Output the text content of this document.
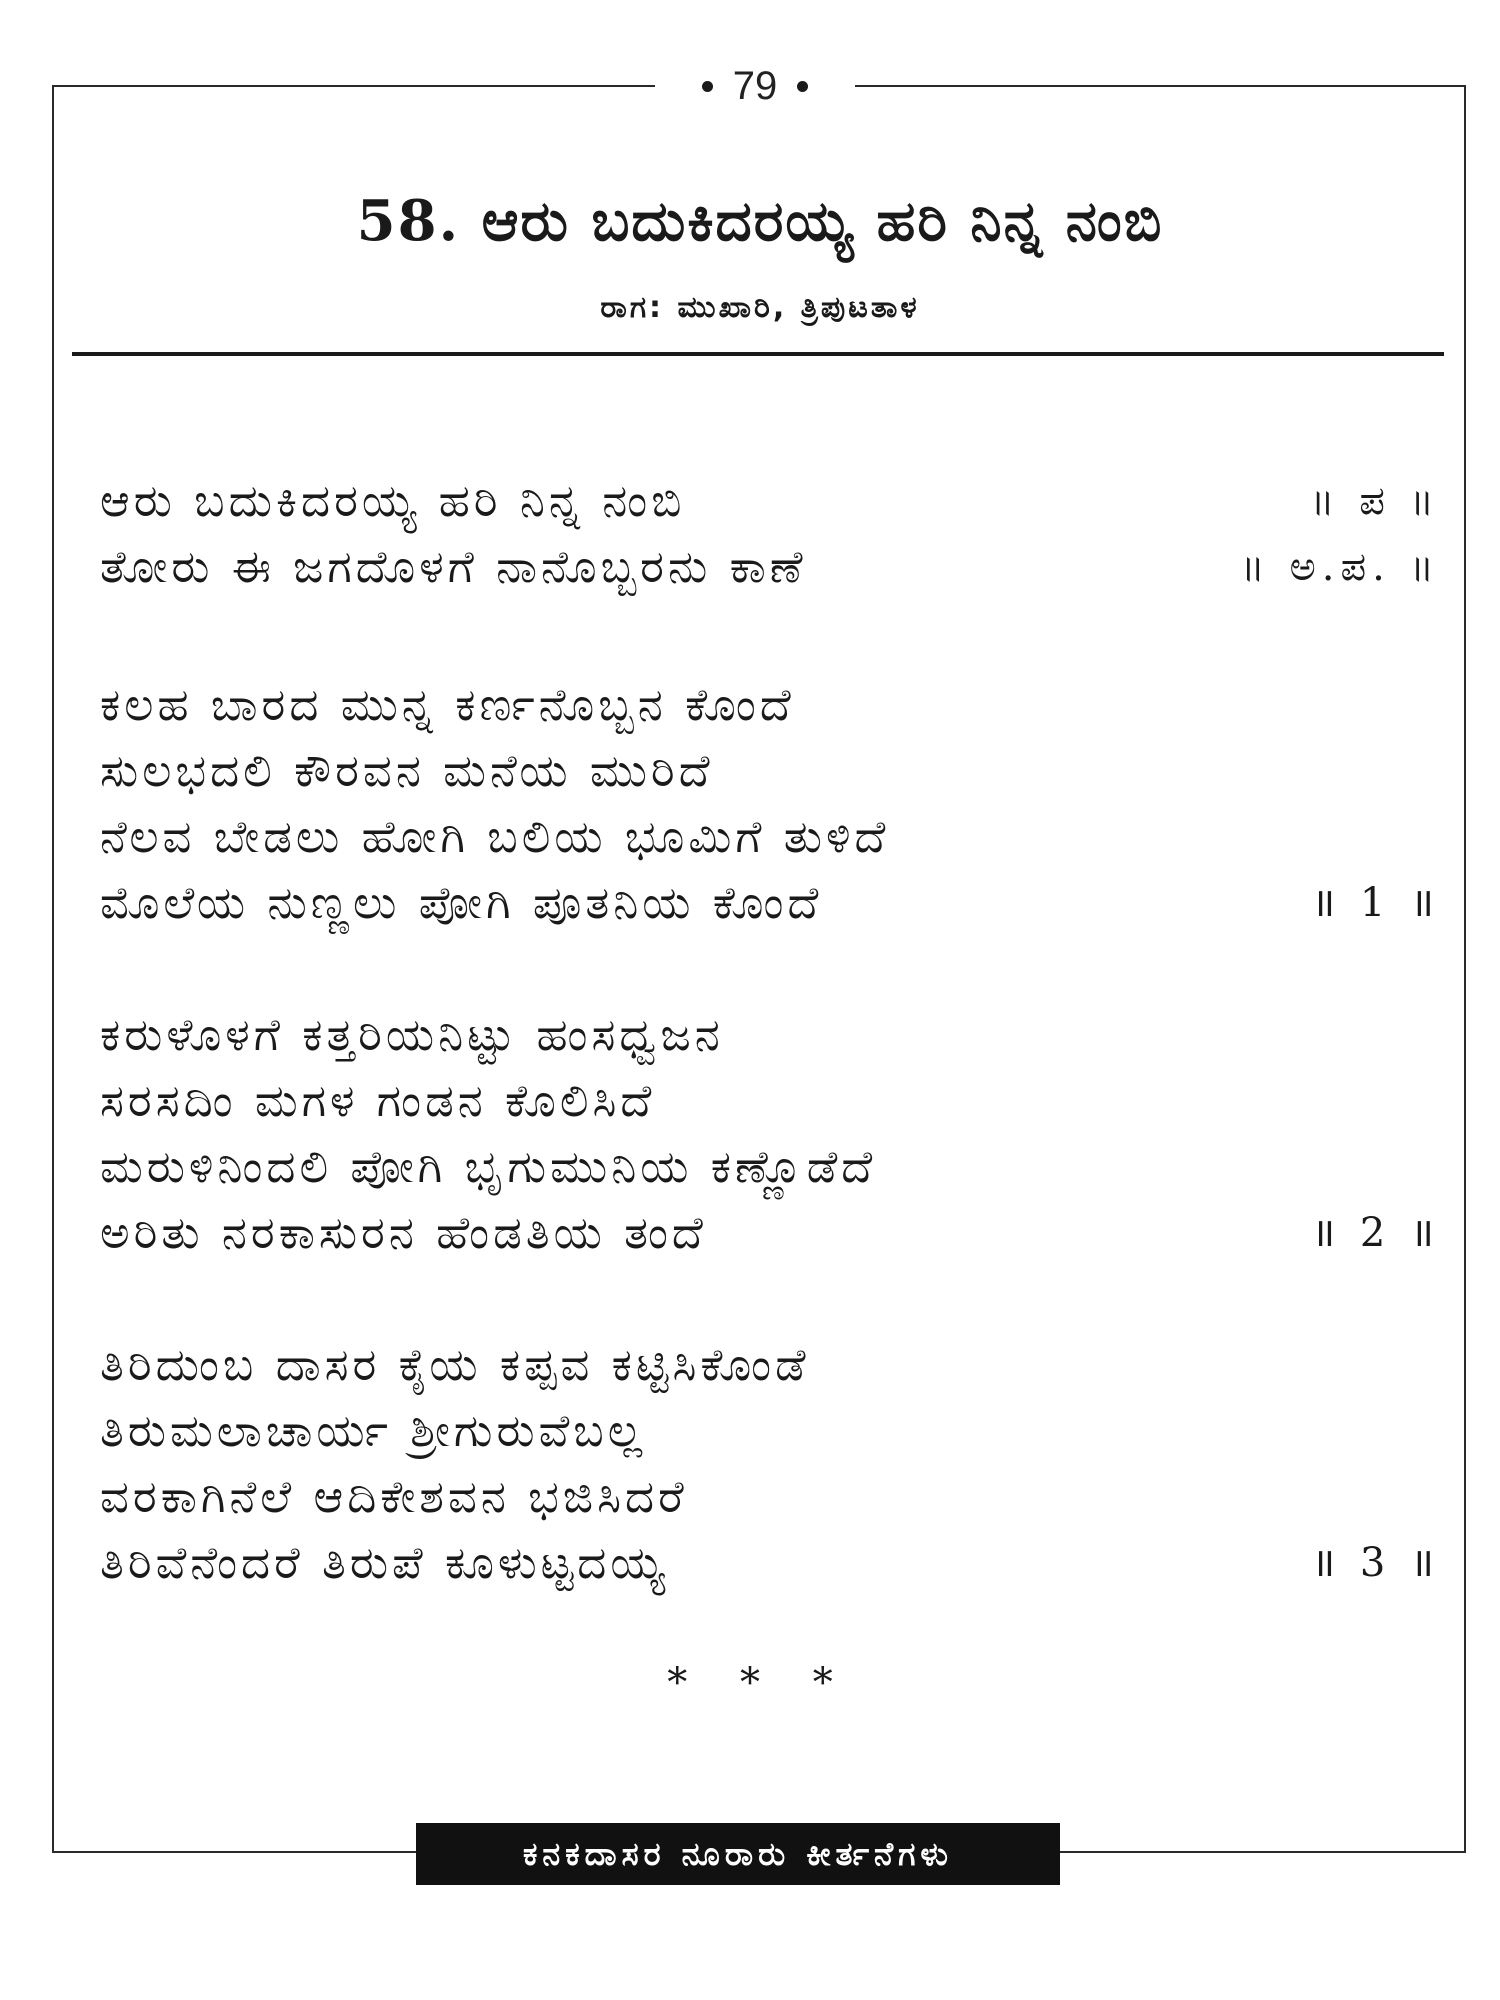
79
58. ಆರು ಬದುಕಿದರಯ್ಯ ಹರಿ ನಿನ್ನ ನಂಬಿ
ರಾಗ: ಮುಖಾರಿ, ತ್ರಿಪುಟತಾಳ
ಆರು ಬದುಕಿದರಯ್ಯ ಹರಿ ನಿನ್ನ ನಂಬಿ	॥ ಪ ॥
ತೋರು ಈ ಜಗದೊಳಗೆ ನಾನೊಬ್ಬರನು ಕಾಣೆ	॥ ಅ.ಪ. ॥
ಕಲಹ ಬಾರದ ಮುನ್ನ ಕರ್ಣನೊಬ್ಬನ ಕೊಂದೆ
ಸುಲಭದಲಿ ಕೌರವನ ಮನೆಯ ಮುರಿದೆ
ನೆಲವ ಬೇಡಲು ಹೋಗಿ ಬಲಿಯ ಭೂಮಿಗೆ ತುಳಿದೆ
ಮೊಲೆಯ ನುಣ್ಣಲು ಪೋಗಿ ಪೂತನಿಯ ಕೊಂದೆ	॥ 1 ॥
ಕರುಳೊಳಗೆ ಕತ್ತರಿಯನಿಟ್ಟು ಹಂಸಧ್ವಜನ
ಸರಸದಿಂ ಮಗಳ ಗಂಡನ ಕೊಲಿಸಿದೆ
ಮರುಳಿನಿಂದಲಿ ಪೋಗಿ ಭೃಗುಮುನಿಯ ಕಣ್ಣೊಡೆದೆ
ಅರಿತು ನರಕಾಸುರನ ಹೆಂಡತಿಯ ತಂದೆ	॥ 2 ॥
ತಿರಿದುಂಬ ದಾಸರ ಕೈಯ ಕಪ್ಪವ ಕಟ್ಟಿಸಿಕೊಂಡೆ
ತಿರುಮಲಾಚಾರ್ಯ ಶ್ರೀಗುರುವೆಬಲ್ಲ
ವರಕಾಗಿನೆಲೆ ಆದಿಕೇಶವನ ಭಜಿಸಿದರೆ
ತಿರಿವೆನೆಂದರೆ ತಿರುಪೆ ಕೂಳುಟ್ಟದಯ್ಯ	॥ 3 ॥
* * *
ಕನಕದಾಸರ ನೂರಾರು ಕೀರ್ತನೆಗಳು
